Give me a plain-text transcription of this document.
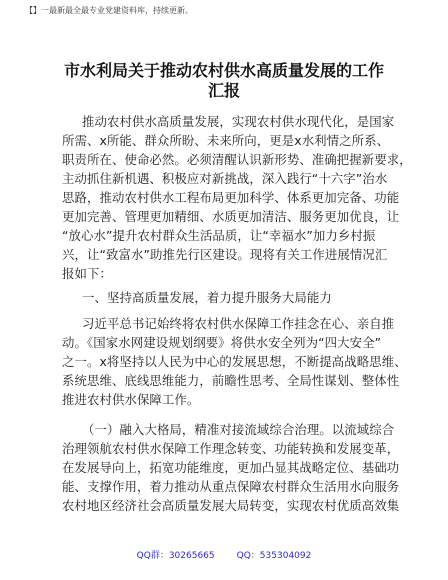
【】一最新最全最专业党建资料库，持续更新。
市水利局关于推动农村供水高质量发展的工作
汇报
推动农村供水高质量发展，实现农村供水现代化，是国家
所需、x所能、群众所盼、未来所向，更是x水利情之所系、
职责所在、使命必然。必须清醒认识新形势、准确把握新要求，
主动抓住新机遇、积极应对新挑战，深入践行“十六字”治水
思路，推动农村供水工程布局更加科学、体系更加完备、功能
更加完善、管理更加精细、水质更加清洁、服务更加优良，让
“放心水”提升农村群众生活品质，让“幸福水”加力乡村振
兴，让“致富水”助推先行区建设。现将有关工作进展情况汇
报如下：
一、坚持高质量发展，着力提升服务大局能力
习近平总书记始终将农村供水保障工作挂念在心、亲自推
动。《国家水网建设规划纲要》将供水安全列为“四大安全”
之一。x将坚持以人民为中心的发展思想，不断提高战略思维、
系统思维、底线思维能力，前瞻性思考、全局性谋划、整体性
推进农村供水保障工作。
（一）融入大格局，精准对接流域综合治理。以流域综合
治理领航农村供水保障工作理念转变、功能转换和发展变革，
在发展导向上，拓宽功能维度，更加凸显其战略定位、基础功
能、支撑作用，着力推动从重点保障农村群众生活用水向服务
农村地区经济社会高质量发展大局转变，实现农村优质高效集
QQ群：30265665 QQ：535304092
